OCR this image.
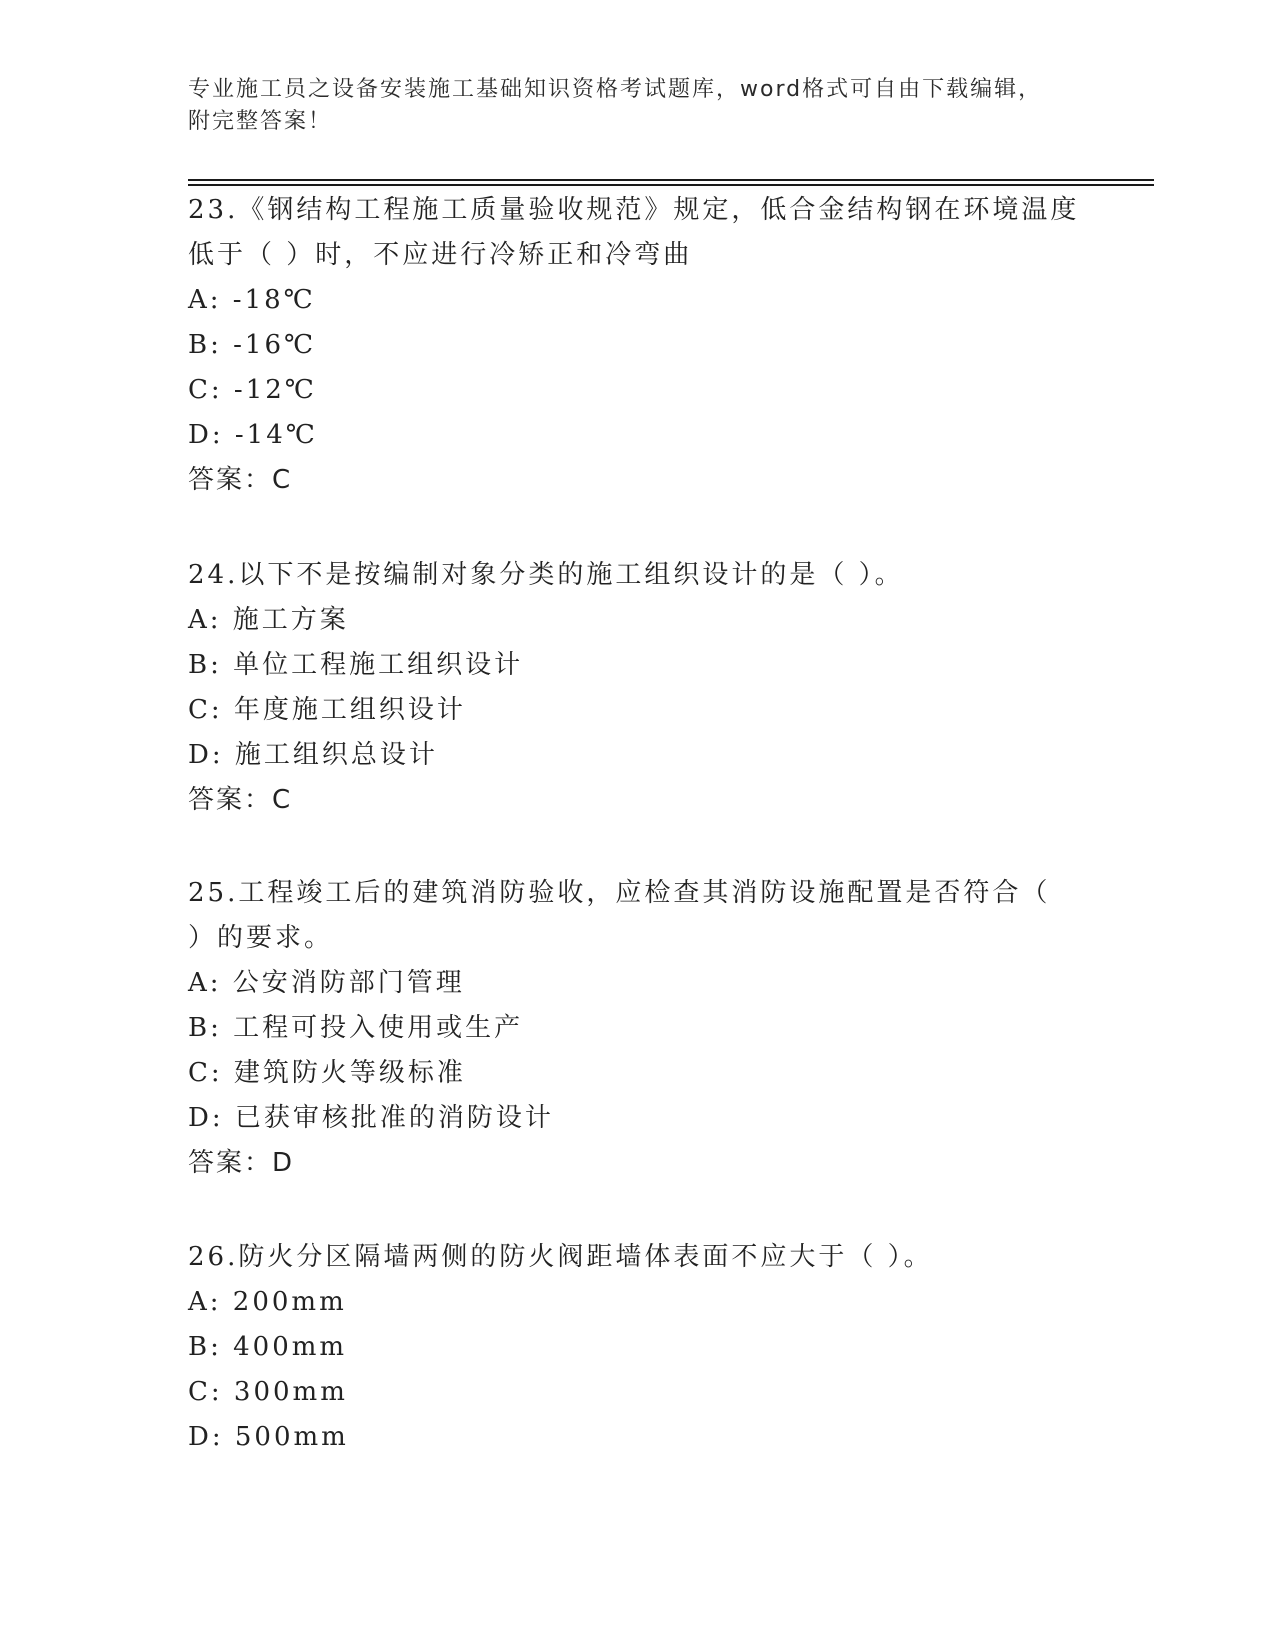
专业施工员之设备安装施工基础知识资格考试题库，word格式可自由下载编辑，
附完整答案！
23.《钢结构工程施工质量验收规范》规定，低合金结构钢在环境温度
低于（ ）时，不应进行冷矫正和冷弯曲
A: -18℃
B: -16℃
C: -12℃
D: -14℃
答案：C
24.以下不是按编制对象分类的施工组织设计的是（ ）。
A: 施工方案
B: 单位工程施工组织设计
C: 年度施工组织设计
D: 施工组织总设计
答案：C
25.工程竣工后的建筑消防验收，应检查其消防设施配置是否符合（
）的要求。
A: 公安消防部门管理
B: 工程可投入使用或生产
C: 建筑防火等级标准
D: 已获审核批准的消防设计
答案：D
26.防火分区隔墙两侧的防火阀距墙体表面不应大于（ ）。
A: 200mm
B: 400mm
C: 300mm
D: 500mm
